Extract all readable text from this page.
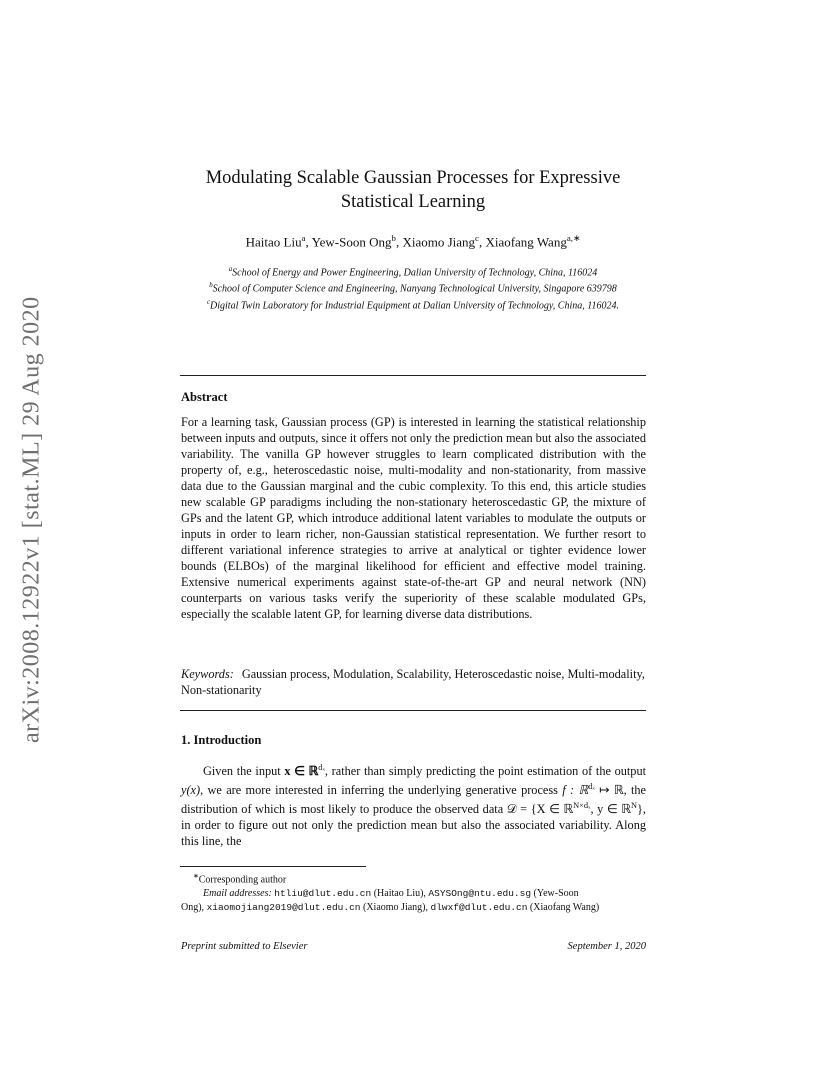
arXiv:2008.12922v1 [stat.ML] 29 Aug 2020
Modulating Scalable Gaussian Processes for Expressive Statistical Learning
Haitao Liu$^a$, Yew-Soon Ong$^b$, Xiaomo Jiang$^c$, Xiaofang Wang$^{a,∗}$
$^a$School of Energy and Power Engineering, Dalian University of Technology, China, 116024
$^b$School of Computer Science and Engineering, Nanyang Technological University, Singapore 639798
$^c$Digital Twin Laboratory for Industrial Equipment at Dalian University of Technology, China, 116024.
Abstract
For a learning task, Gaussian process (GP) is interested in learning the statistical relationship between inputs and outputs, since it offers not only the prediction mean but also the associated variability. The vanilla GP however struggles to learn complicated distribution with the property of, e.g., heteroscedastic noise, multi-modality and non-stationarity, from massive data due to the Gaussian marginal and the cubic complexity. To this end, this article studies new scalable GP paradigms including the non-stationary heteroscedastic GP, the mixture of GPs and the latent GP, which introduce additional latent variables to modulate the outputs or inputs in order to learn richer, non-Gaussian statistical representation. We further resort to different variational inference strategies to arrive at analytical or tighter evidence lower bounds (ELBOs) of the marginal likelihood for efficient and effective model training. Extensive numerical experiments against state-of-the-art GP and neural network (NN) counterparts on various tasks verify the superiority of these scalable modulated GPs, especially the scalable latent GP, for learning diverse data distributions.
Keywords: Gaussian process, Modulation, Scalability, Heteroscedastic noise, Multi-modality, Non-stationarity
1. Introduction
Given the input x ∈ ℝ$^{d_x}$, rather than simply predicting the point estimation of the output y(x), we are more interested in inferring the underlying generative process f : ℝ$^{d_x}$ ↦ ℝ, the distribution of which is most likely to produce the observed data 𝒟 = {X ∈ ℝ$^{N\times d_x}$, y ∈ ℝ$^N$}, in order to figure out not only the prediction mean but also the associated variability. Along this line, the
∗Corresponding author
Email addresses: htliu@dlut.edu.cn (Haitao Liu), ASYSOng@ntu.edu.sg (Yew-Soon
Ong), xiaomojiang2019@dlut.edu.cn (Xiaomo Jiang), dlwxf@dlut.edu.cn (Xiaofang Wang)
Preprint submitted to Elsevier	September 1, 2020
